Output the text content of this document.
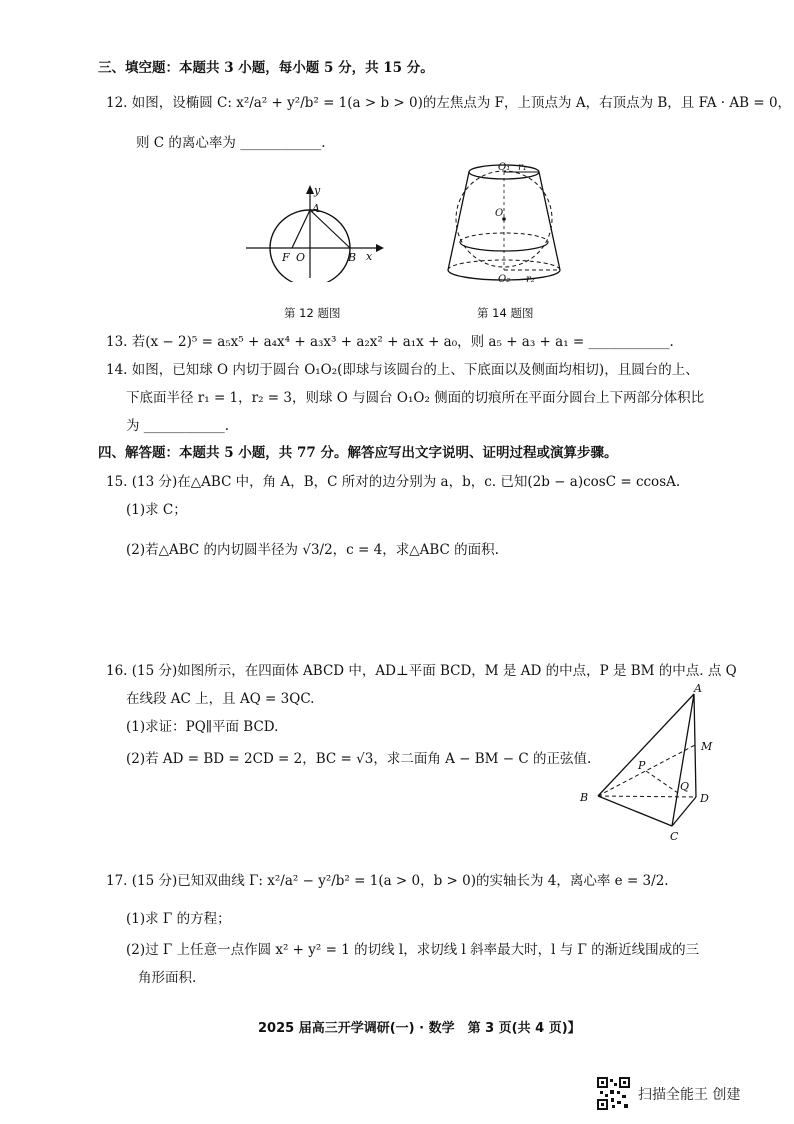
三、填空题：本题共 3 小题，每小题 5 分，共 15 分。
12. 如图，设椭圆 C: x²/a² + y²/b² = 1(a > b > 0)的左焦点为 F，上顶点为 A，右顶点为 B，且 FA · AB = 0，
则 C 的离心率为 ____________.
y
A
F O	B x
第 12 题图
O₁ r₁
O
O₂ r₂
第 14 题图
13. 若(x − 2)⁵ = a₅x⁵ + a₄x⁴ + a₃x³ + a₂x² + a₁x + a₀，则 a₅ + a₃ + a₁ = ____________.
14. 如图，已知球 O 内切于圆台 O₁O₂(即球与该圆台的上、下底面以及侧面均相切)，且圆台的上、
下底面半径 r₁ = 1，r₂ = 3，则球 O 与圆台 O₁O₂ 侧面的切痕所在平面分圆台上下两部分体积比
为 ____________.
四、解答题：本题共 5 小题，共 77 分。解答应写出文字说明、证明过程或演算步骤。
15. (13 分)在△ABC 中，角 A，B，C 所对的边分别为 a，b，c. 已知(2b − a)cosC = ccosA.
(1)求 C；
(2)若△ABC 的内切圆半径为 √3/2，c = 4，求△ABC 的面积.
16. (15 分)如图所示，在四面体 ABCD 中，AD⊥平面 BCD，M 是 AD 的中点，P 是 BM 的中点. 点 Q
在线段 AC 上，且 AQ = 3QC.
(1)求证：PQ∥平面 BCD.
(2)若 AD = BD = 2CD = 2，BC = √3，求二面角 A − BM − C 的正弦值.
A
M
P
Q
B	D
C
17. (15 分)已知双曲线 Γ: x²/a² − y²/b² = 1(a > 0，b > 0)的实轴长为 4，离心率 e = 3/2.
(1)求 Γ 的方程；
(2)过 Γ 上任意一点作圆 x² + y² = 1 的切线 l，求切线 l 斜率最大时，l 与 Γ 的渐近线围成的三
角形面积.
2025 届高三开学调研(一) · 数学　第 3 页(共 4 页)】
扫描全能王 创建
